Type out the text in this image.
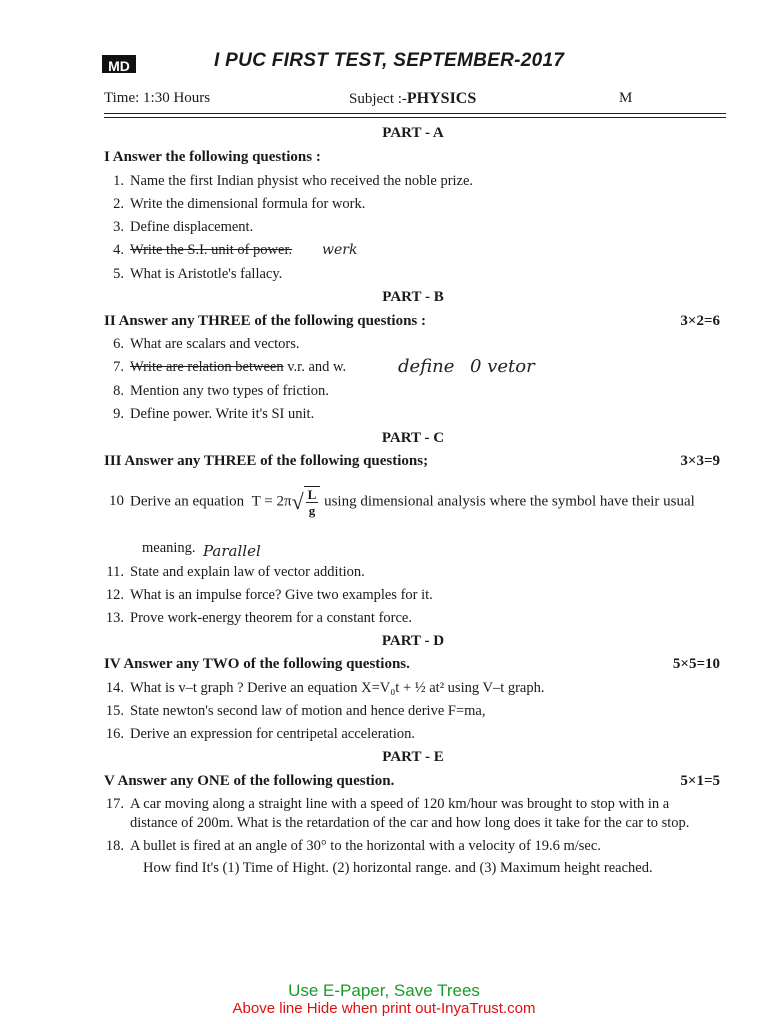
MD	I PUC FIRST TEST, SEPTEMBER-2017
Time: 1:30 Hours	Subject :-PHYSICS	M
PART - A
I Answer the following questions :
1. Name the first Indian physist who received the noble prize.
2. Write the dimensional formula for work.
3. Define displacement.
4. Write the S.I. unit of power. werk
5. What is Aristotle's fallacy.
PART - B
II Answer any THREE of the following questions :	3×2=6
6. What are scalars and vectors.
7. Write are relation between v.r. and w.	define 0 vetor
8. Mention any two types of friction.
9. Define power. Write it's SI unit.
PART - C
III Answer any THREE of the following questions;	3×3=9
10 Derive an equation $T = 2\pi√ \frac{L}{g}$ using dimensional analysis where the symbol have their usual
meaning. Parallel
11. State and explain law of vector addition.
12. What is an impulse force? Give two examples for it.
13. Prove work-energy theorem for a constant force.
PART - D
IV Answer any TWO of the following questions.	5×5=10
14. What is v–t graph ? Derive an equation X=V₀t + ½ at² using V–t graph.
15. State newton's second law of motion and hence derive F=ma,
16. Derive an expression for centripetal acceleration.
PART - E
V Answer any ONE of the following question.	5×1=5
17. A car moving along a straight line with a speed of 120 km/hour was brought to stop with in a
distance of 200m. What is the retardation of the car and how long does it take for the car to stop.
18. A bullet is fired at an angle of 30° to the horizontal with a velocity of 19.6 m/sec.
How find It's (1) Time of Hight. (2) horizontal range. and (3) Maximum height reached.
Use E-Paper, Save Trees
Above line Hide when print out-InyaTrust.com
